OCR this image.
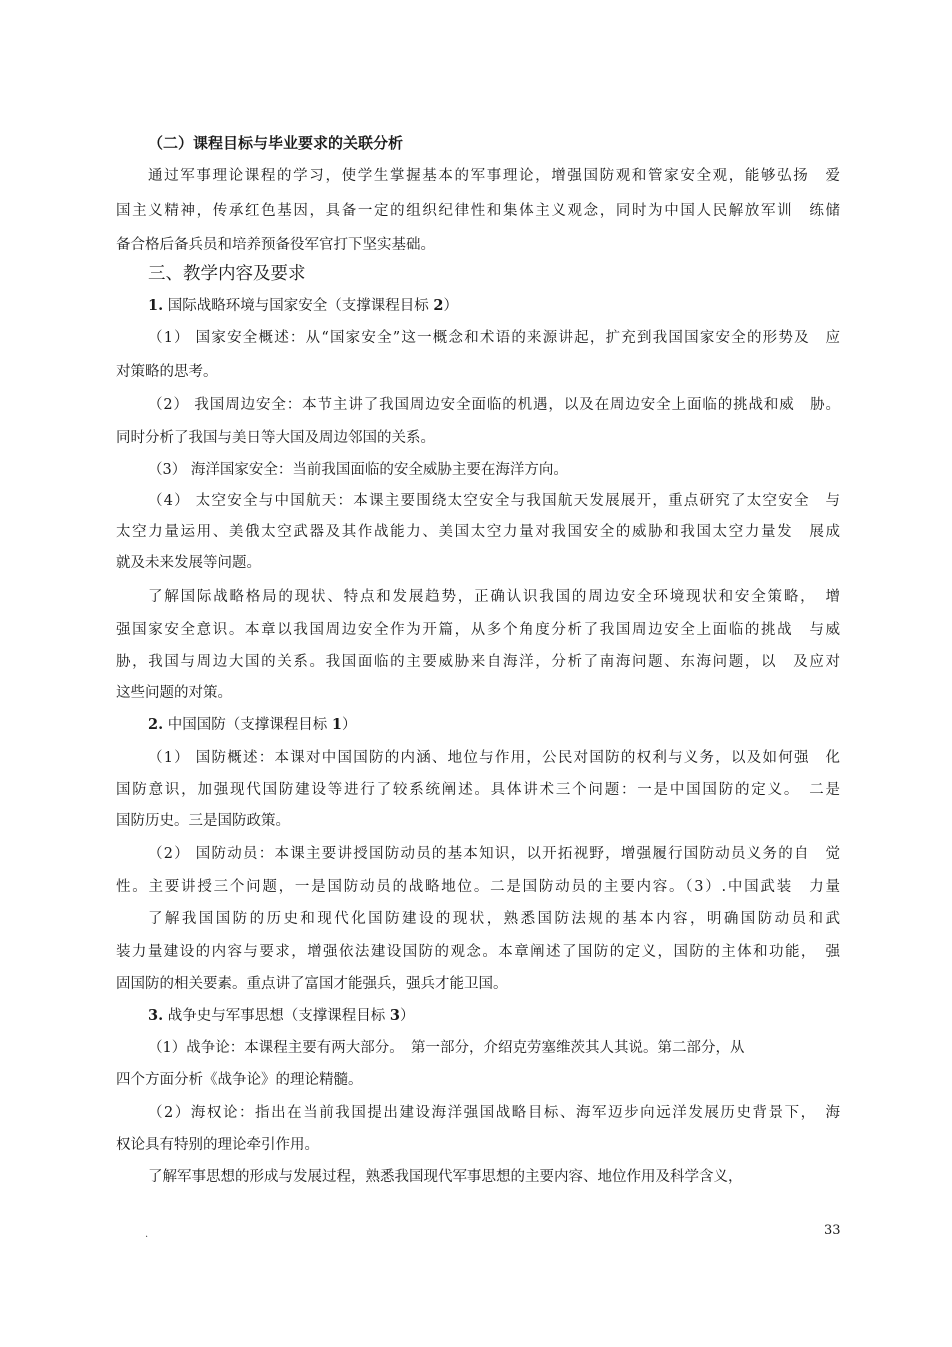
（二）课程目标与毕业要求的关联分析
通过军事理论课程的学习，使学生掌握基本的军事理论，增强国防观和管家安全观，能够弘扬　爱
国主义精神，传承红色基因，具备一定的组织纪律性和集体主义观念，同时为中国人民解放军训　练储
备合格后备兵员和培养预备役军官打下坚实基础。
三、教学内容及要求
1. 国际战略环境与国家安全（支撑课程目标 2）
（1） 国家安全概述：从“国家安全”这一概念和术语的来源讲起，扩充到我国国家安全的形势及　应
对策略的思考。
（2） 我国周边安全：本节主讲了我国周边安全面临的机遇，以及在周边安全上面临的挑战和威　胁。
同时分析了我国与美日等大国及周边邻国的关系。
（3） 海洋国家安全：当前我国面临的安全威胁主要在海洋方向。
（4） 太空安全与中国航天：本课主要围绕太空安全与我国航天发展展开，重点研究了太空安全　与
太空力量运用、美俄太空武器及其作战能力、美国太空力量对我国安全的威胁和我国太空力量发　展成
就及未来发展等问题。
了解国际战略格局的现状、特点和发展趋势，正确认识我国的周边安全环境现状和安全策略，　增
强国家安全意识。本章以我国周边安全作为开篇，从多个角度分析了我国周边安全上面临的挑战　与威
胁，我国与周边大国的关系。我国面临的主要威胁来自海洋，分析了南海问题、东海问题，以　及应对
这些问题的对策。
2. 中国国防（支撑课程目标 1）
（1） 国防概述：本课对中国国防的内涵、地位与作用，公民对国防的权利与义务，以及如何强　化
国防意识，加强现代国防建设等进行了较系统阐述。具体讲术三个问题：一是中国国防的定义。　二是
国防历史。三是国防政策。
（2） 国防动员：本课主要讲授国防动员的基本知识，以开拓视野，增强履行国防动员义务的自　觉
性。主要讲授三个问题，一是国防动员的战略地位。二是国防动员的主要内容。（3）.中国武装　力量
了解我国国防的历史和现代化国防建设的现状，熟悉国防法规的基本内容，明确国防动员和武
装力量建设的内容与要求，增强依法建设国防的观念。本章阐述了国防的定义，国防的主体和功能，　强
固国防的相关要素。重点讲了富国才能强兵，强兵才能卫国。
3. 战争史与军事思想（支撑课程目标 3）
（1）战争论：本课程主要有两大部分。　第一部分，介绍克劳塞维茨其人其说。第二部分，从
四个方面分析《战争论》的理论精髓。
（2）海权论：指出在当前我国提出建设海洋强国战略目标、海军迈步向远洋发展历史背景下，　海
权论具有特别的理论牵引作用。
了解军事思想的形成与发展过程，熟悉我国现代军事思想的主要内容、地位作用及科学含义，
.	33
